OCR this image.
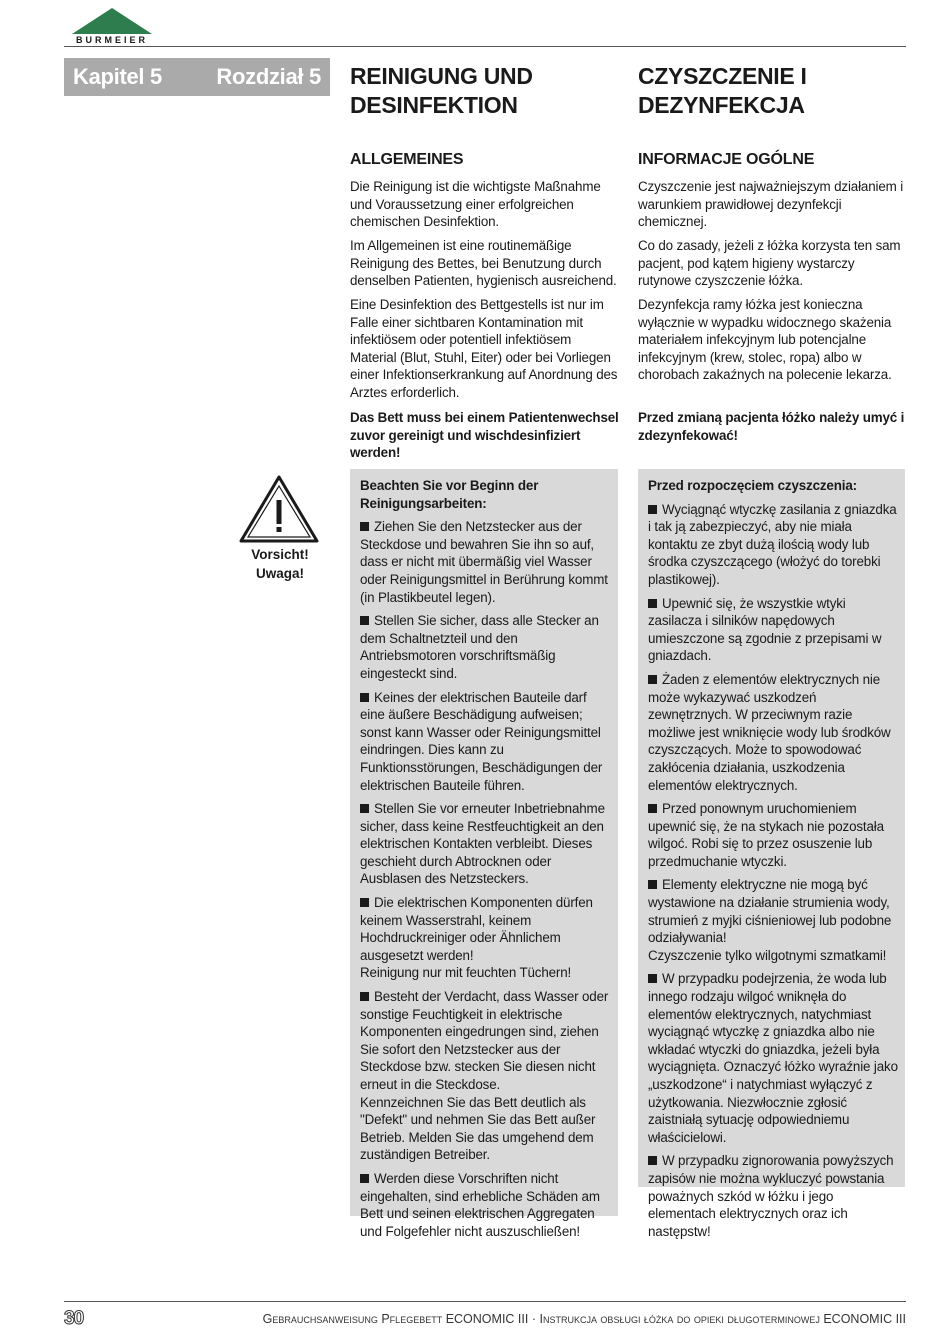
BURMEIER
Kapitel 5 Rozdział 5 REINIGUNG UND
DESINFEKTION
ALLGEMEINES

Die Reinigung ist die wichtigste Maßnahme und Voraussetzung einer erfolgreichen chemischen Desinfektion.

Im Allgemeinen ist eine routinemäßige Reinigung des Bettes, bei Benutzung durch denselben Patienten, hygienisch ausreichend.

Eine Desinfektion des Bettgestells ist nur im Falle einer sichtbaren Kontamination mit infektiösem oder potentiell infektiösem Material (Blut, Stuhl, Eiter) oder bei Vorliegen einer Infektionserkrankung auf Anordnung des Arztes erforderlich.

Das Bett muss bei einem Patientenwechsel zuvor gereinigt und wischdesinfiziert werden!

CZYSZCZENIE I
DEZYNFEKCJA
INFORMACJE OGÓLNE

Czyszczenie jest najważniejszym działaniem i warunkiem prawidłowej dezynfekcji chemicznej.

Co do zasady, jeżeli z łóżka korzysta ten sam pacjent, pod kątem higieny wystarczy rutynowe czyszczenie łóżka.

Dezynfekcja ramy łóżka jest konieczna wyłącznie w wypadku widocznego skażenia materiałem infekcyjnym lub potencjalne infekcyjnym (krew, stolec, ropa) albo w chorobach zakaźnych na polecenie lekarza.

Przed zmianą pacjenta łóżko należy umyć i zdezynfekować!

Vorsicht!
Uwaga!

Beachten Sie vor Beginn der Reinigungsarbeiten:

Ziehen Sie den Netzstecker aus der Steckdose und bewahren Sie ihn so auf, dass er nicht mit übermäßig viel Wasser oder Reinigungsmittel in Berührung kommt (in Plastikbeutel legen).

Stellen Sie sicher, dass alle Stecker an dem Schaltnetzteil und den Antriebsmotoren vorschriftsmäßig eingesteckt sind.

Keines der elektrischen Bauteile darf eine äußere Beschädigung aufweisen; sonst kann Wasser oder Reinigungsmittel eindringen. Dies kann zu Funktionsstörungen, Beschädigungen der elektrischen Bauteile führen.

Stellen Sie vor erneuter Inbetriebnahme sicher, dass keine Restfeuchtigkeit an den elektrischen Kontakten verbleibt. Dieses geschieht durch Abtrocknen oder Ausblasen des Netzsteckers.

Die elektrischen Komponenten dürfen keinem Wasserstrahl, keinem Hochdruckreiniger oder Ähnlichem ausgesetzt werden!
Reinigung nur mit feuchten Tüchern!

Besteht der Verdacht, dass Wasser oder sonstige Feuchtigkeit in elektrische Komponenten eingedrungen sind, ziehen Sie sofort den Netzstecker aus der Steckdose bzw. stecken Sie diesen nicht erneut in die Steckdose.
Kennzeichnen Sie das Bett deutlich als "Defekt" und nehmen Sie das Bett außer Betrieb. Melden Sie das umgehend dem zuständigen Betreiber.

Werden diese Vorschriften nicht eingehalten, sind erhebliche Schäden am Bett und seinen elektrischen Aggregaten und Folgefehler nicht auszuschließen!

Przed rozpoczęciem czyszczenia:

Wyciągnąć wtyczkę zasilania z gniazdka i tak ją zabezpieczyć, aby nie miała kontaktu ze zbyt dużą ilością wody lub środka czyszczącego (włożyć do torebki plastikowej).

Upewnić się, że wszystkie wtyki zasilacza i silników napędowych umieszczone są zgodnie z przepisami w gniazdach.

Żaden z elementów elektrycznych nie może wykazywać uszkodzeń zewnętrznych. W przeciwnym razie możliwe jest wniknięcie wody lub środków czyszczących. Może to spowodować zakłócenia działania, uszkodzenia elementów elektrycznych.

Przed ponownym uruchomieniem upewnić się, że na stykach nie pozostała wilgoć. Robi się to przez osuszenie lub przedmuchanie wtyczki.

Elementy elektryczne nie mogą być wystawione na działanie strumienia wody, strumień z myjki ciśnieniowej lub podobne odziaływania!
Czyszczenie tylko wilgotnymi szmatkami!

W przypadku podejrzenia, że woda lub innego rodzaju wilgoć wniknęła do elementów elektrycznych, natychmiast wyciągnąć wtyczkę z gniazdka albo nie wkładać wtyczki do gniazdka, jeżeli była wyciągnięta. Oznaczyć łóżko wyraźnie jako „uszkodzone“ i natychmiast wyłączyć z użytkowania. Niezwłocznie zgłosić zaistniałą sytuację odpowiedniemu właścicielowi.

W przypadku zignorowania powyższych zapisów nie można wykluczyć powstania poważnych szkód w łóżku i jego elementach elektrycznych oraz ich następstw!

30	Gebrauchsanweisung Pflegebett ECONOMIC III · Instrukcja obsługi łóżka do opieki długoterminowej ECONOMIC III
